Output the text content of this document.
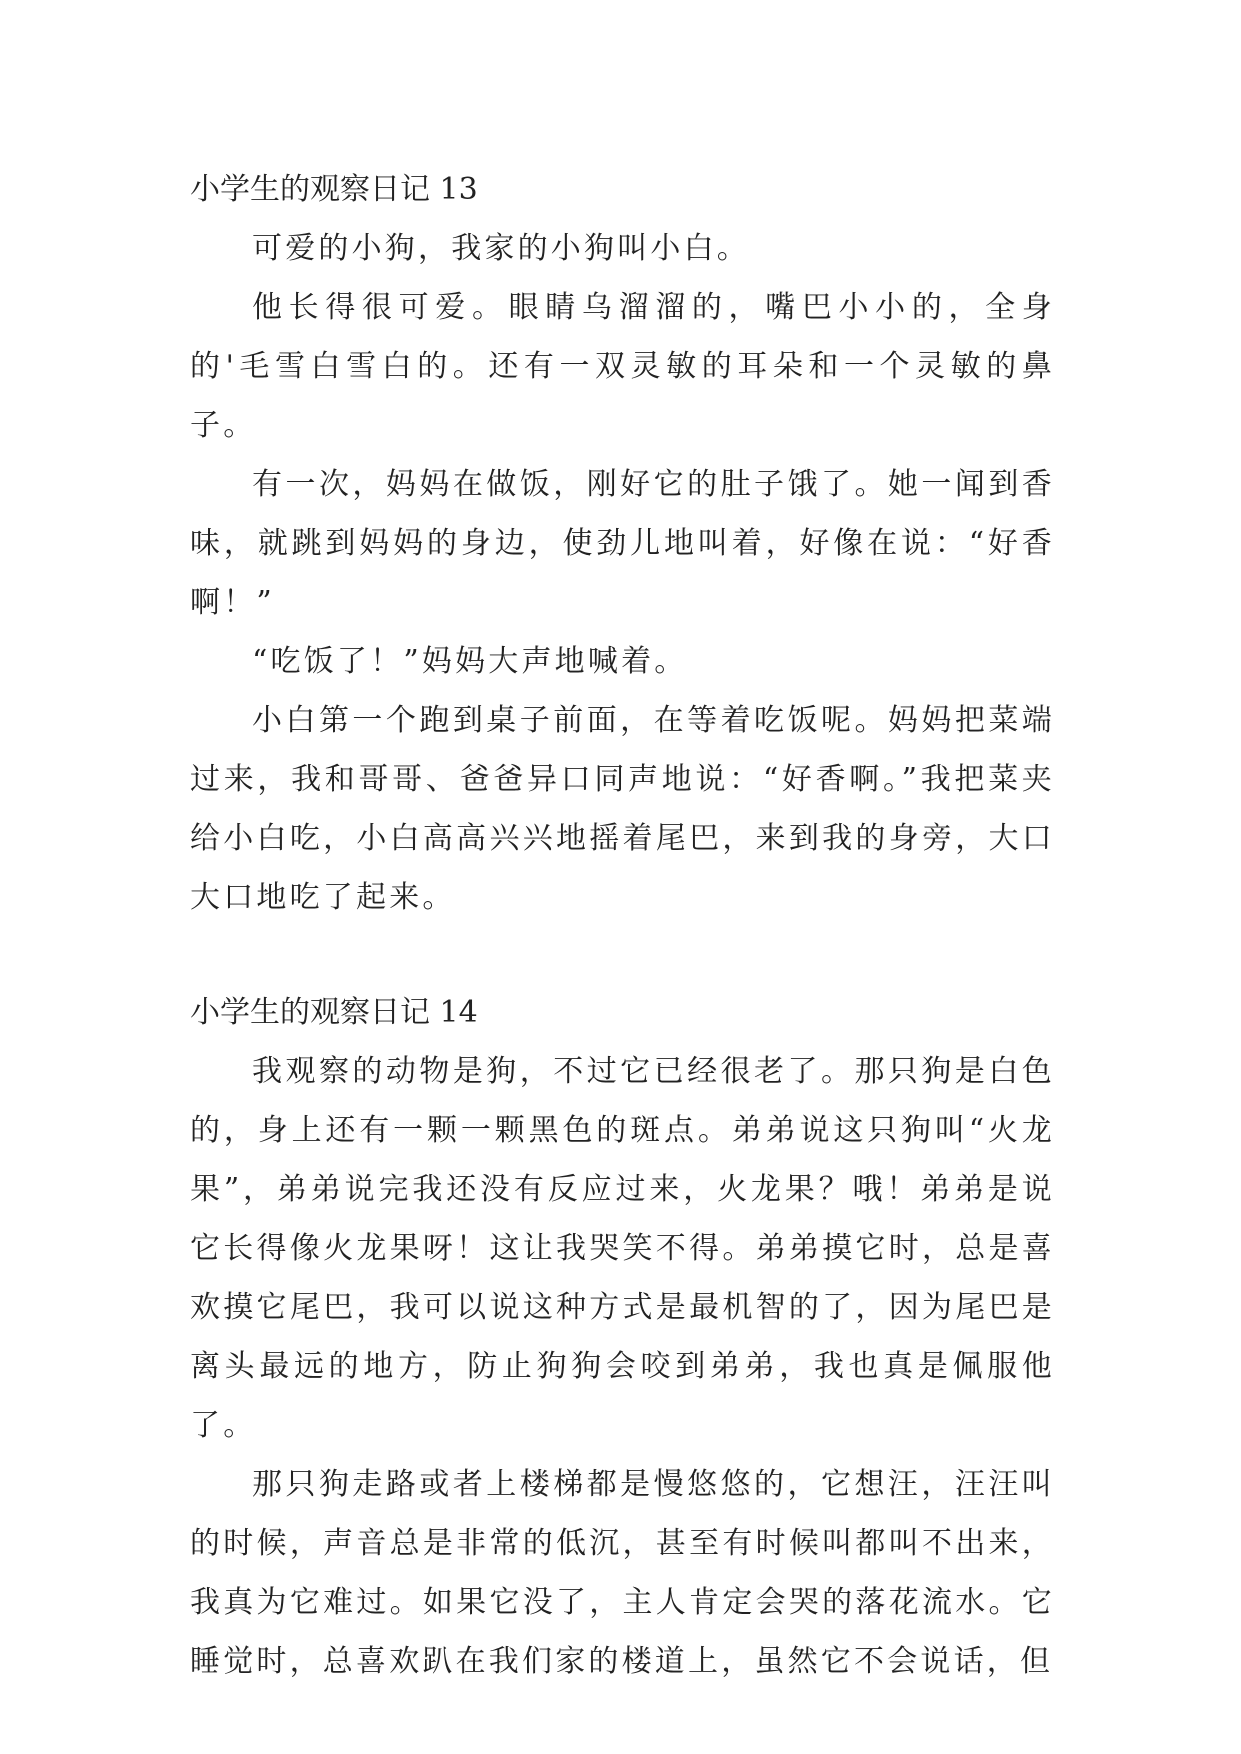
小学生的观察日记 13

可爱的小狗，我家的小狗叫小白。

他长得很可爱。眼睛乌溜溜的，嘴巴小小的，全身的'毛雪白雪白的。还有一双灵敏的耳朵和一个灵敏的鼻子。

有一次，妈妈在做饭，刚好它的肚子饿了。她一闻到香味，就跳到妈妈的身边，使劲儿地叫着，好像在说：“好香啊！”

“吃饭了！”妈妈大声地喊着。

小白第一个跑到桌子前面，在等着吃饭呢。妈妈把菜端过来，我和哥哥、爸爸异口同声地说：“好香啊。”我把菜夹给小白吃，小白高高兴兴地摇着尾巴，来到我的身旁，大口大口地吃了起来。

小学生的观察日记 14

我观察的动物是狗，不过它已经很老了。那只狗是白色的，身上还有一颗一颗黑色的斑点。弟弟说这只狗叫“火龙果”，弟弟说完我还没有反应过来，火龙果？哦！弟弟是说它长得像火龙果呀！这让我哭笑不得。弟弟摸它时，总是喜欢摸它尾巴，我可以说这种方式是最机智的了，因为尾巴是离头最远的地方，防止狗狗会咬到弟弟，我也真是佩服他了。

那只狗走路或者上楼梯都是慢悠悠的，它想汪，汪汪叫的时候，声音总是非常的低沉，甚至有时候叫都叫不出来，我真为它难过。如果它没了，主人肯定会哭的落花流水。它睡觉时，总喜欢趴在我们家的楼道上，虽然它不会说话，但
